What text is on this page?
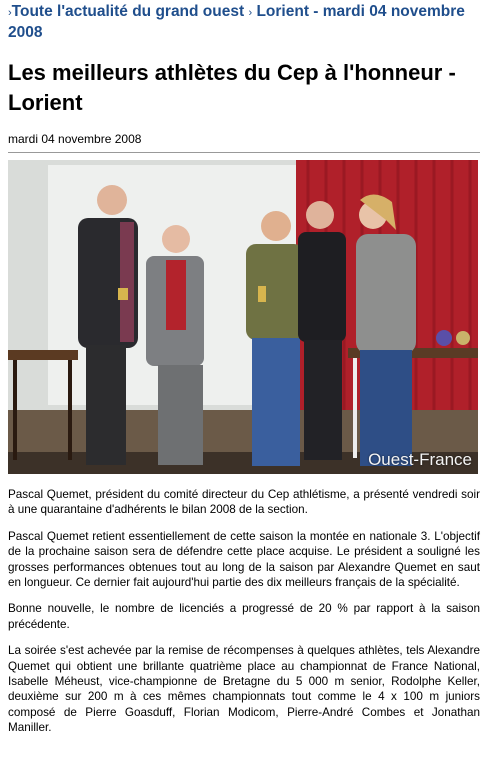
›Toute l'actualité du grand ouest › Lorient - mardi 04 novembre 2008
Les meilleurs athlètes du Cep à l'honneur - Lorient
mardi 04 novembre 2008
Ouest-France

Pascal Quemet, président du comité directeur du Cep athlétisme, a présenté vendredi soir à une quarantaine d'adhérents le bilan 2008 de la section.

Pascal Quemet retient essentiellement de cette saison la montée en nationale 3. L'objectif de la prochaine saison sera de défendre cette place acquise. Le président a souligné les grosses performances obtenues tout au long de la saison par Alexandre Quemet en saut en longueur. Ce dernier fait aujourd'hui partie des dix meilleurs français de la spécialité.

Bonne nouvelle, le nombre de licenciés a progressé de 20 % par rapport à la saison précédente.

La soirée s'est achevée par la remise de récompenses à quelques athlètes, tels Alexandre Quemet qui obtient une brillante quatrième place au championnat de France National, Isabelle Méheust, vice-championne de Bretagne du 5 000 m senior, Rodolphe Keller, deuxième sur 200 m à ces mêmes championnats tout comme le 4 x 100 m juniors composé de Pierre Goasduff, Florian Modicom, Pierre-André Combes et Jonathan Maniller.
